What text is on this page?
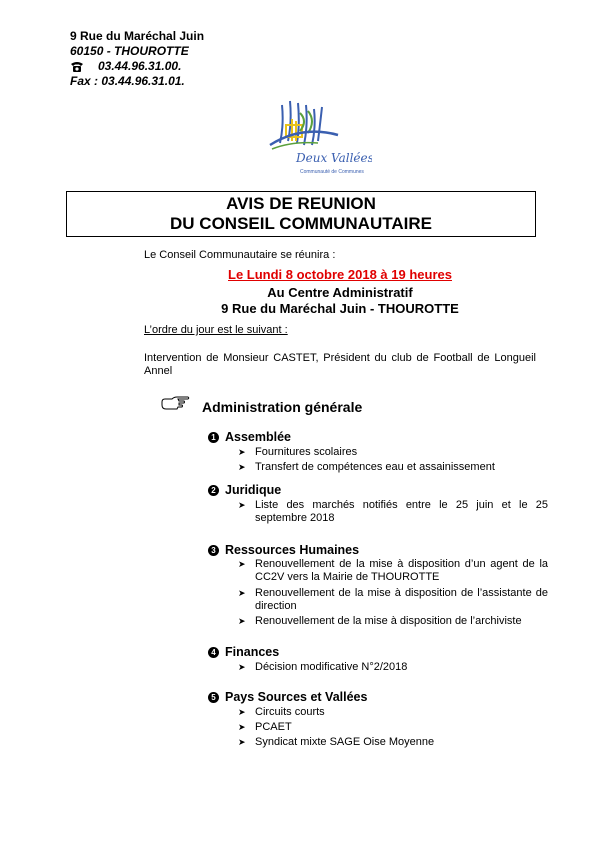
9 Rue du Maréchal Juin
60150 - THOUROTTE
03.44.96.31.00.
Fax : 03.44.96.31.01.
Deux Vallées
Communauté de Communes
AVIS DE REUNION
DU CONSEIL COMMUNAUTAIRE
Le Conseil Communautaire se réunira :
Le Lundi 8 octobre 2018 à 19 heures
Au Centre Administratif
9 Rue du Maréchal Juin - THOUROTTE
L’ordre du jour est le suivant :
Intervention de Monsieur CASTET, Président du club de Football de Longueil Annel
Administration générale
1 Assemblée
➤ Fournitures scolaires
➤ Transfert de compétences eau et assainissement
2 Juridique
➤ Liste des marchés notifiés entre le 25 juin et le 25 septembre 2018
3 Ressources Humaines
➤ Renouvellement de la mise à disposition d’un agent de la CC2V vers la Mairie de THOUROTTE
➤ Renouvellement de la mise à disposition de l’assistante de direction
➤ Renouvellement de la mise à disposition de l’archiviste
4 Finances
➤ Décision modificative N°2/2018
5 Pays Sources et Vallées
➤ Circuits courts
➤ PCAET
➤ Syndicat mixte SAGE Oise Moyenne
